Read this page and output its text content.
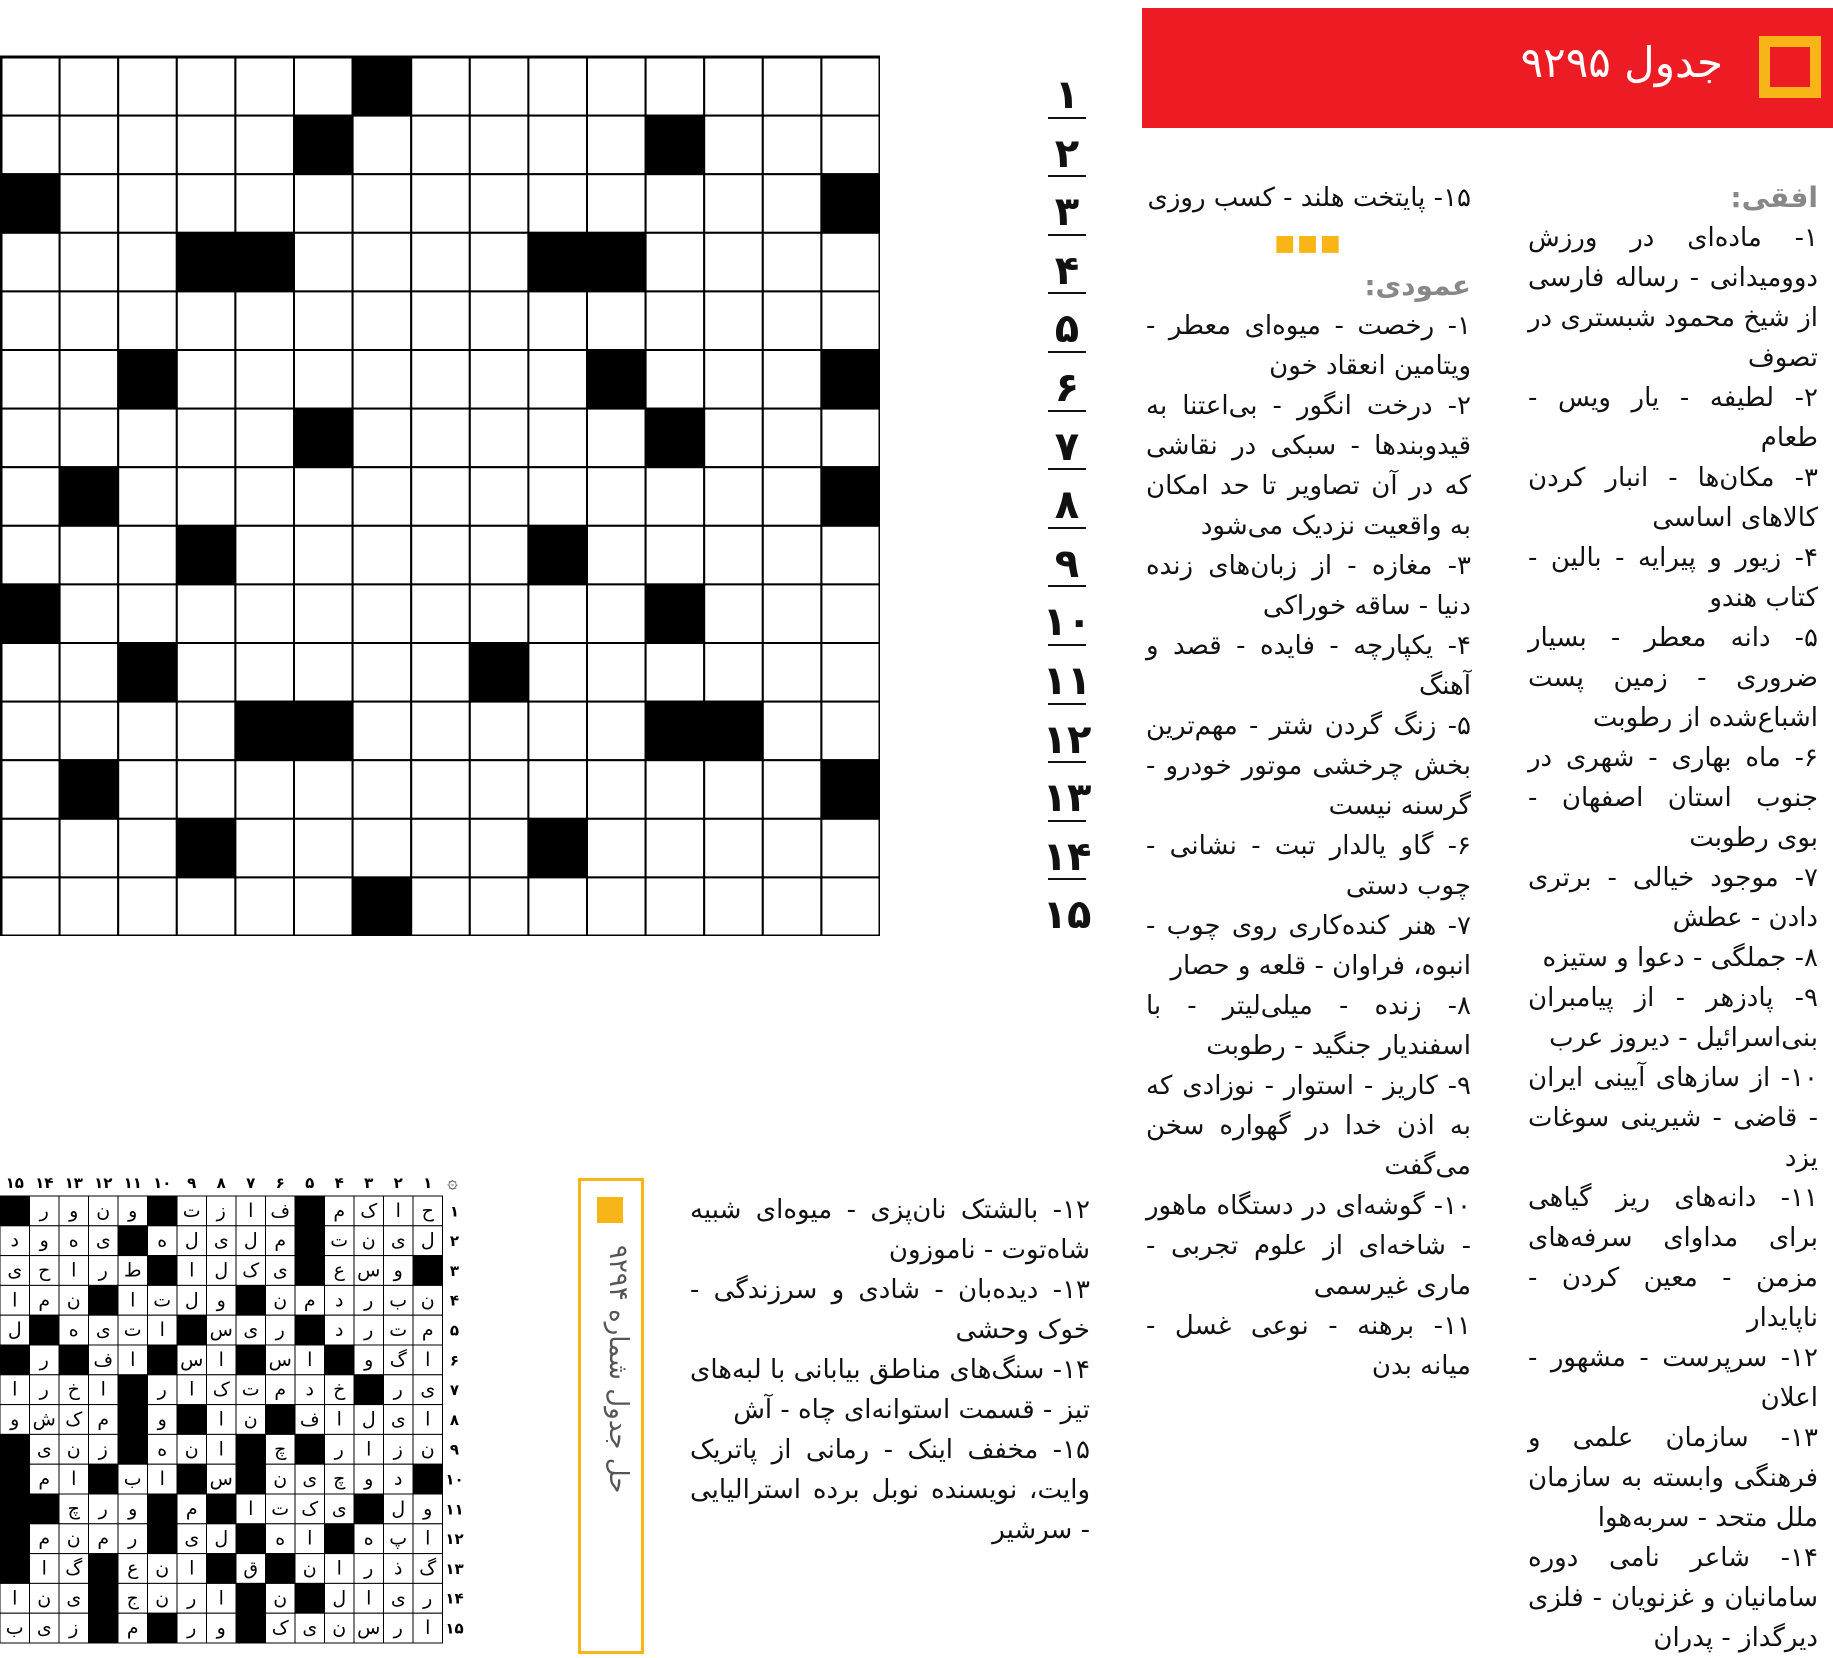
۱
۲
۳
۴
۵
۶
۷
۸
۹
۱۰
۱۱
۱۲
۱۳
۱۴
۱۵
جدول ۹۲۹۵
افقی:
۱- ماده‌ای در ورزش دوومیدانی - رساله فارسی از شیخ محمود شبستری در تصوف
۲- لطیفه - یار ویس - طعام
۳- مکان‌ها - انبار کردن کالاهای اساسی
۴- زیور و پیرایه - بالین - کتاب هندو
۵- دانه معطر - بسیار ضروری - زمین پست اشباع‌شده از رطوبت
۶- ماه بهاری - شهری در جنوب استان اصفهان - بوی رطوبت
۷- موجود خیالی - برتری دادن - عطش
۸- جملگی - دعوا و ستیزه
۹- پادزهر - از پیامبران بنی‌اسرائیل - دیروز عرب
۱۰- از سازهای آیینی ایران - قاضی - شیرینی سوغات یزد
۱۱- دانه‌های ریز گیاهی برای مداوای سرفه‌های مزمن - معین کردن - ناپایدار
۱۲- سرپرست - مشهور - اعلان
۱۳- سازمان علمی و فرهنگی وابسته به سازمان ملل متحد - سربه‌هوا
۱۴- شاعر نامی دوره سامانیان و غزنویان - فلزی دیرگداز - پدران
۱۵- پایتخت هلند - کسب روزی
■■■
عمودی:
۱- رخصت - میوه‌ای معطر - ویتامین انعقاد خون
۲- درخت انگور - بی‌اعتنا به قیدوبندها - سبکی در نقاشی که در آن تصاویر تا حد امکان به واقعیت نزدیک می‌شود
۳- مغازه - از زبان‌های زنده دنیا - ساقه خوراکی
۴- یکپارچه - فایده - قصد و آهنگ
۵- زنگ گردن شتر - مهم‌ترین بخش چرخشی موتور خودرو - گرسنه نیست
۶- گاو یالدار تبت - نشانی - چوب دستی
۷- هنر کنده‌کاری روی چوب - انبوه، فراوان - قلعه و حصار
۸- زنده - میلی‌لیتر - با اسفندیار جنگید - رطوبت
۹- کاریز - استوار - نوزادی که به اذن خدا در گهواره سخن می‌گفت
۱۰- گوشه‌ای در دستگاه ماهور - شاخه‌ای از علوم تجربی - ماری غیرسمی
۱۱- برهنه - نوعی غسل - میانه بدن
۱۲- بالشتک نان‌پزی - میوه‌ای شبیه شاه‌توت - ناموزون
۱۳- دیده‌بان - شادی و سرزندگی - خوک وحشی
۱۴- سنگ‌های مناطق بیابانی با لبه‌های تیز - قسمت استوانه‌ای چاه - آش
۱۵- مخفف اینک - رمانی از پاتریک وایت، نویسنده نوبل برده استرالیایی - سرشیر
حل جدول شماره ۹۲۹۴
۞
۱
۲
۳
۴
۵
۶
۷
۸
۹
۱۰
۱۱
۱۲
۱۳
۱۴
۱۵
۱
ح
ا
ک
م
ف
ا
ز
ت
و
ن
و
ر
۲
ل
ی
ن
ت
م
ل
ی
ل
ه
ی
ه
و
د
۳
و
س
ع
ی
ک
ل
ا
ط
ر
ا
ح
ی
۴
ن
ب
ر
د
م
ن
و
ل
ت
ا
ن
م
ا
۵
م
ت
ر
د
ر
ی
س
ا
ت
ی
ه
ل
۶
ا
گ
و
ا
س
ا
س
ا
ف
ر
۷
ی
ر
خ
د
م
ت
ک
ا
ر
ا
خ
ر
ا
۸
ا
ی
ل
ا
ف
ن
ا
و
م
ک
ش
و
۹
ن
ز
ا
ر
چ
ا
ن
ه
ز
ن
ی
۱۰
د
و
چ
ی
ن
س
ا
ب
ا
م
۱۱
و
ل
ی
ک
ت
ا
م
و
ر
چ
۱۲
ا
پ
ه
ا
ه
ل
ی
ر
م
ن
م
۱۳
گ
ذ
ر
ا
ن
ق
ا
ن
ع
گ
ا
۱۴
ر
ی
ا
ل
ن
ا
ر
ن
ج
ی
ن
ا
۱۵
ا
ر
س
ن
ی
ک
و
ر
م
ز
ی
ب
